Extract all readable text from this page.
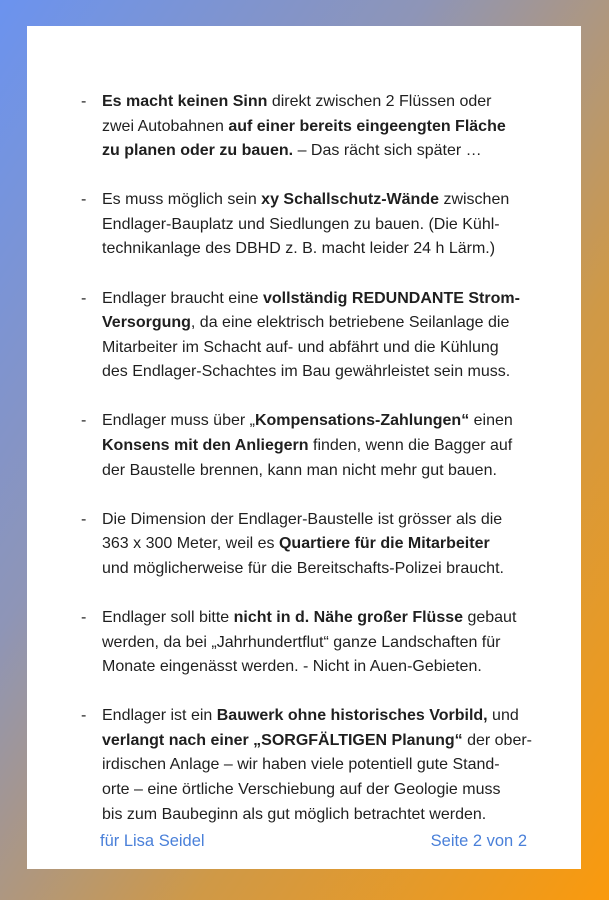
- Es macht keinen Sinn direkt zwischen 2 Flüssen oder
zwei Autobahnen auf einer bereits eingeengten Fläche
zu planen oder zu bauen. – Das rächt sich später …
- Es muss möglich sein xy Schallschutz-Wände zwischen
Endlager-Bauplatz und Siedlungen zu bauen. (Die Kühl-
technikanlage des DBHD z. B. macht leider 24 h Lärm.)
- Endlager braucht eine vollständig REDUNDANTE Strom-
Versorgung, da eine elektrisch betriebene Seilanlage die
Mitarbeiter im Schacht auf- und abfährt und die Kühlung
des Endlager-Schachtes im Bau gewährleistet sein muss.
- Endlager muss über „Kompensations-Zahlungen“ einen
Konsens mit den Anliegern finden, wenn die Bagger auf
der Baustelle brennen, kann man nicht mehr gut bauen.
- Die Dimension der Endlager-Baustelle ist grösser als die
363 x 300 Meter, weil es Quartiere für die Mitarbeiter
und möglicherweise für die Bereitschafts-Polizei braucht.
- Endlager soll bitte nicht in d. Nähe großer Flüsse gebaut
werden, da bei „Jahrhundertflut“ ganze Landschaften für
Monate eingenässt werden. - Nicht in Auen-Gebieten.
- Endlager ist ein Bauwerk ohne historisches Vorbild, und
verlangt nach einer „SORGFÄLTIGEN Planung“ der ober-
irdischen Anlage – wir haben viele potentiell gute Stand-
orte – eine örtliche Verschiebung auf der Geologie muss
bis zum Baubeginn als gut möglich betrachtet werden.
für Lisa Seidel	Seite 2 von 2
